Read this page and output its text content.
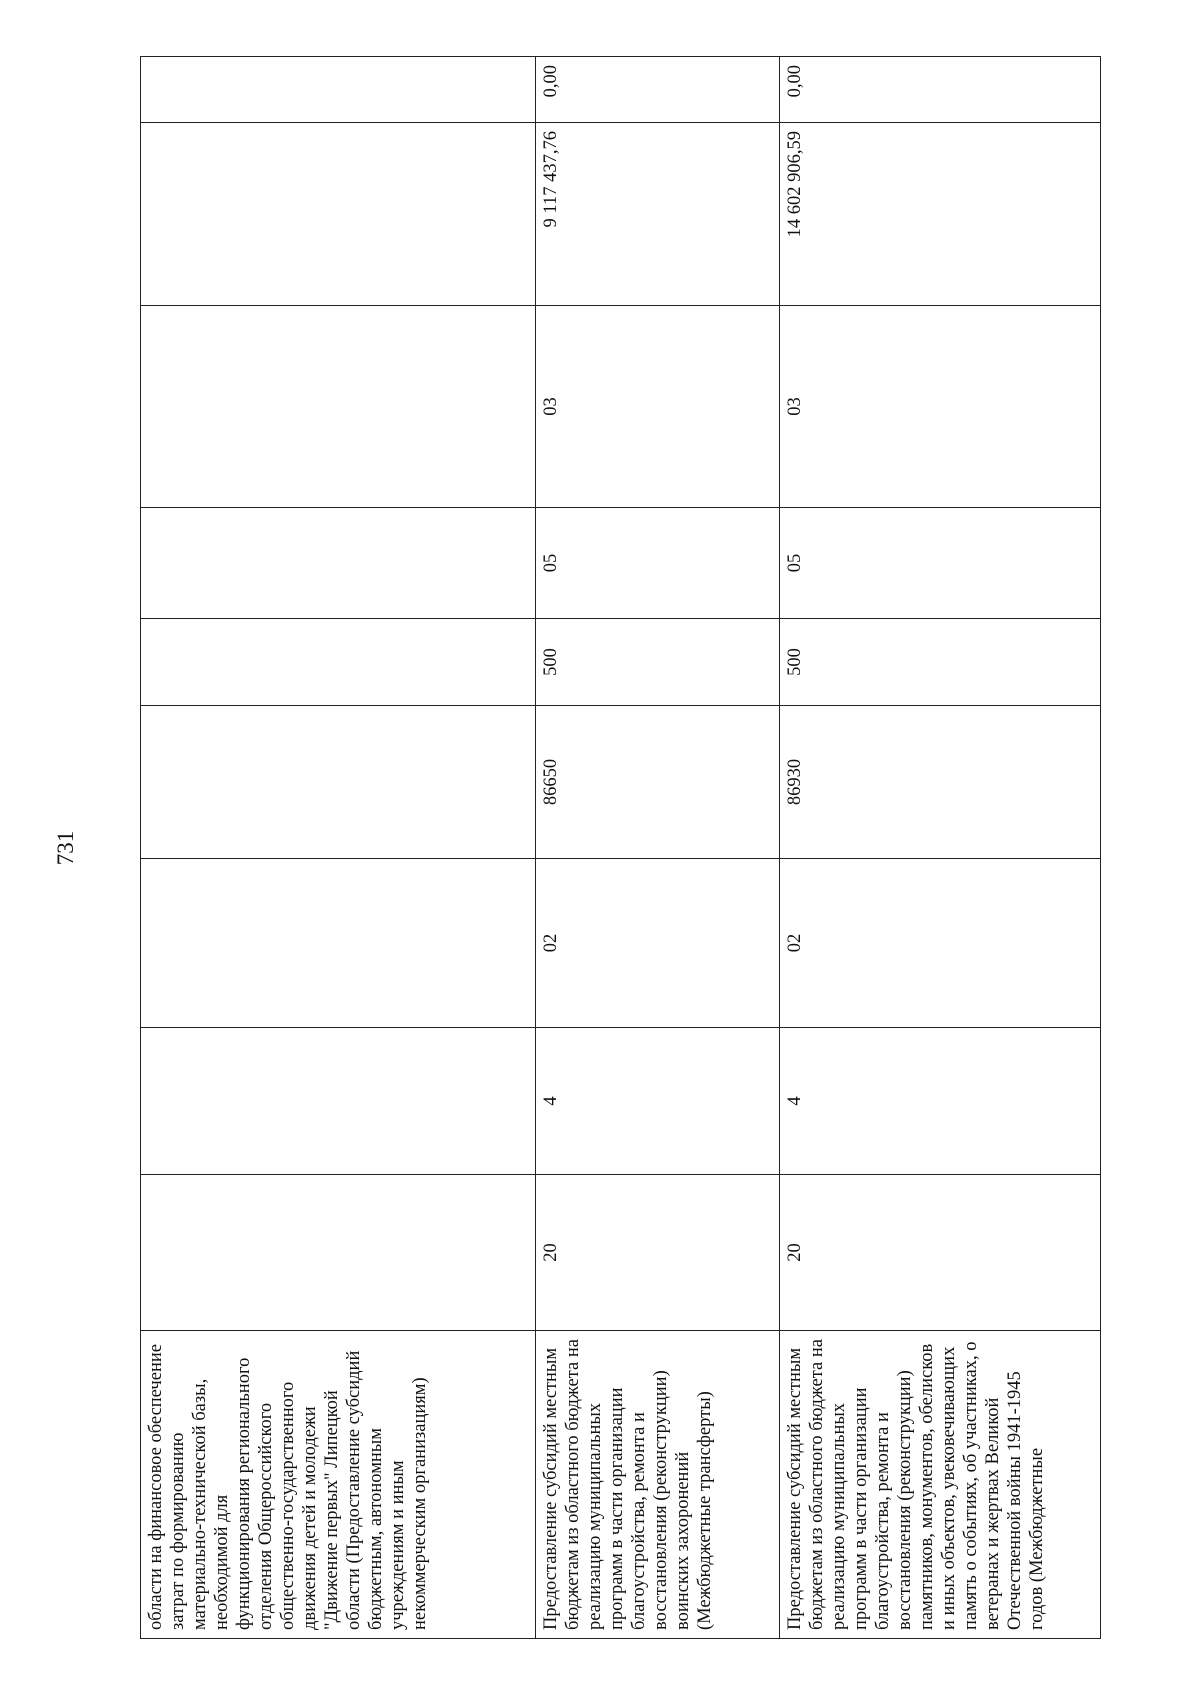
731
области на финансовое обеспечение затрат по формированию материально-технической базы, необходимой для функционирования регионального отделения Общероссийского общественно-государственного движения детей и молодежи "Движение первых" Липецкой области (Предоставление субсидий бюджетным, автономным учреждениям и иным некоммерческим организациям)									
Предоставление субсидий местным бюджетам из областного бюджета на реализацию муниципальных программ в части организации благоустройства, ремонта и восстановления (реконструкции) воинских захоронений (Межбюджетные трансферты)	20	4	02	86650	500	05	03	9 117 437,76	0,00
Предоставление субсидий местным бюджетам из областного бюджета на реализацию муниципальных программ в части организации благоустройства, ремонта и восстановления (реконструкции) памятников, монументов, обелисков и иных объектов, увековечивающих память о событиях, об участниках, о ветеранах и жертвах Великой Отечественной войны 1941-1945 годов (Межбюджетные	20	4	02	86930	500	05	03	14 602 906,59	0,00
